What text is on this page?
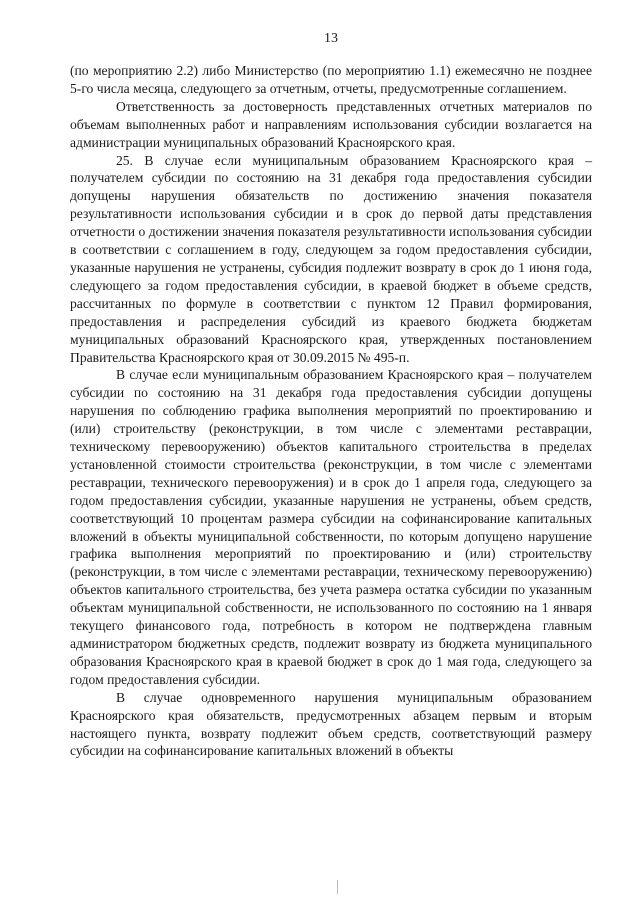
13

(по мероприятию 2.2) либо Министерство (по мероприятию 1.1) ежемесячно не позднее 5-го числа месяца, следующего за отчетным, отчеты, предусмотренные соглашением.

Ответственность за достоверность представленных отчетных материалов по объемам выполненных работ и направлениям использования субсидии возлагается на администрации муниципальных образований Красноярского края.

25. В случае если муниципальным образованием Красноярского края – получателем субсидии по состоянию на 31 декабря года предоставления субсидии допущены нарушения обязательств по достижению значения показателя результативности использования субсидии и в срок до первой даты представления отчетности о достижении значения показателя результативности использования субсидии в соответствии с соглашением в году, следующем за годом предоставления субсидии, указанные нарушения не устранены, субсидия подлежит возврату в срок до 1 июня года, следующего за годом предоставления субсидии, в краевой бюджет в объеме средств, рассчитанных по формуле в соответствии с пунктом 12 Правил формирования, предоставления и распределения субсидий из краевого бюджета бюджетам муниципальных образований Красноярского края, утвержденных постановлением Правительства Красноярского края от 30.09.2015 № 495-п.

В случае если муниципальным образованием Красноярского края – получателем субсидии по состоянию на 31 декабря года предоставления субсидии допущены нарушения по соблюдению графика выполнения мероприятий по проектированию и (или) строительству (реконструкции, в том числе с элементами реставрации, техническому перевооружению) объектов капитального строительства в пределах установленной стоимости строительства (реконструкции, в том числе с элементами реставрации, технического перевооружения) и в срок до 1 апреля года, следующего за годом предоставления субсидии, указанные нарушения не устранены, объем средств, соответствующий 10 процентам размера субсидии на софинансирование капитальных вложений в объекты муниципальной собственности, по которым допущено нарушение графика выполнения мероприятий по проектированию и (или) строительству (реконструкции, в том числе с элементами реставрации, техническому перевооружению) объектов капитального строительства, без учета размера остатка субсидии по указанным объектам муниципальной собственности, не использованного по состоянию на 1 января текущего финансового года, потребность в котором не подтверждена главным администратором бюджетных средств, подлежит возврату из бюджета муниципального образования Красноярского края в краевой бюджет в срок до 1 мая года, следующего за годом предоставления субсидии.

В случае одновременного нарушения муниципальным образованием Красноярского края обязательств, предусмотренных абзацем первым и вторым настоящего пункта, возврату подлежит объем средств, соответствующий размеру субсидии на софинансирование капитальных вложений в объекты
